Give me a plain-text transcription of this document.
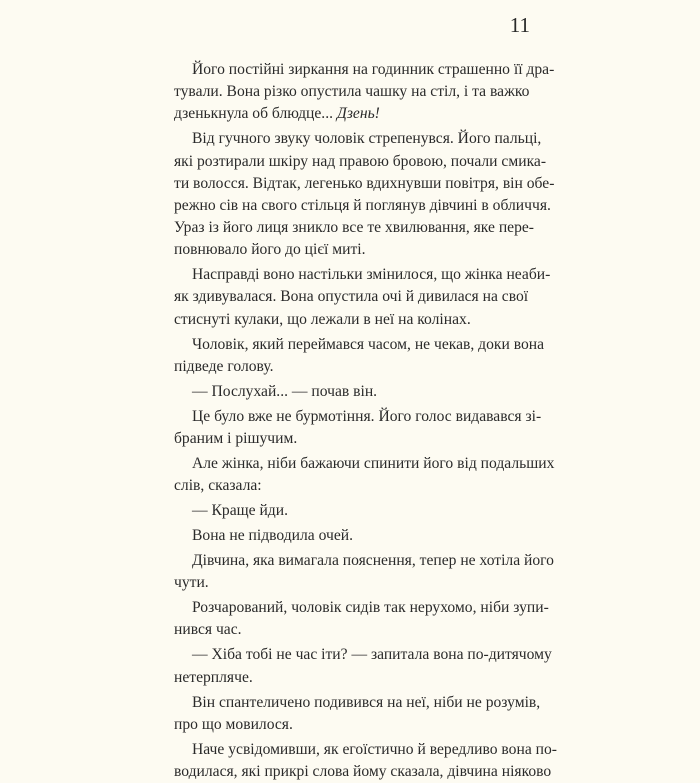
11
Його постійні зиркання на годинник страшенно її дра-
тували. Вона різко опустила чашку на стіл, і та важко
дзенькнула об блюдце... Дзень!
Від гучного звуку чоловік стрепенувся. Його пальці,
які розтирали шкіру над правою бровою, почали смика-
ти волосся. Відтак, легенько вдихнувши повітря, він обе-
режно сів на свого стільця й поглянув дівчині в обличчя.
Ураз із його лиця зникло все те хвилювання, яке пере-
повнювало його до цієї миті.
Насправді воно настільки змінилося, що жінка неаби-
як здивувалася. Вона опустила очі й дивилася на свої
стиснуті кулаки, що лежали в неї на колінах.
Чоловік, який переймався часом, не чекав, доки вона
підведе голову.
— Послухай... — почав він.
Це було вже не бурмотіння. Його голос видавався зі-
браним і рішучим.
Але жінка, ніби бажаючи спинити його від подальших
слів, сказала:
— Краще йди.
Вона не підводила очей.
Дівчина, яка вимагала пояснення, тепер не хотіла його
чути.
Розчарований, чоловік сидів так нерухомо, ніби зупи-
нився час.
— Хіба тобі не час іти? — запитала вона по-дитячому
нетерпляче.
Він спантеличено подивився на неї, ніби не розумів,
про що мовилося.
Наче усвідомивши, як егоїстично й вередливо вона по-
водилася, які прикрі слова йому сказала, дівчина ніяково
